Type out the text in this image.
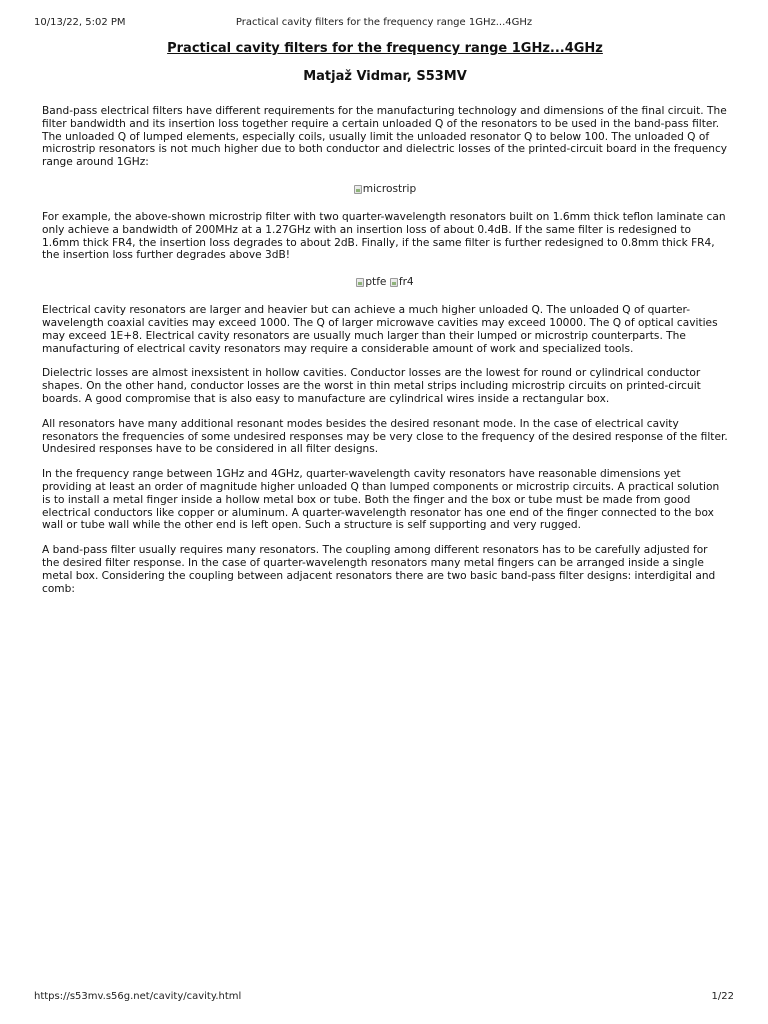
10/13/22, 5:02 PM	Practical cavity filters for the frequency range 1GHz...4GHz
Practical cavity filters for the frequency range 1GHz...4GHz
Matjaž Vidmar, S53MV

Band-pass electrical filters have different requirements for the manufacturing technology and dimensions of the final circuit. The filter bandwidth and its insertion loss together require a certain unloaded Q of the resonators to be used in the band-pass filter. The unloaded Q of lumped elements, especially coils, usually limit the unloaded resonator Q to below 100. The unloaded Q of microstrip resonators is not much higher due to both conductor and dielectric losses of the printed-circuit board in the frequency range around 1GHz:

microstrip

For example, the above-shown microstrip filter with two quarter-wavelength resonators built on 1.6mm thick teflon laminate can only achieve a bandwidth of 200MHz at a 1.27GHz with an insertion loss of about 0.4dB. If the same filter is redesigned to 1.6mm thick FR4, the insertion loss degrades to about 2dB. Finally, if the same filter is further redesigned to 0.8mm thick FR4, the insertion loss further degrades above 3dB!

ptfe
fr4

Electrical cavity resonators are larger and heavier but can achieve a much higher unloaded Q. The unloaded Q of quarter-wavelength coaxial cavities may exceed 1000. The Q of larger microwave cavities may exceed 10000. The Q of optical cavities may exceed 1E+8. Electrical cavity resonators are usually much larger than their lumped or microstrip counterparts. The manufacturing of electrical cavity resonators may require a considerable amount of work and specialized tools.

Dielectric losses are almost inexsistent in hollow cavities. Conductor losses are the lowest for round or cylindrical conductor shapes. On the other hand, conductor losses are the worst in thin metal strips including microstrip circuits on printed-circuit boards. A good compromise that is also easy to manufacture are cylindrical wires inside a rectangular box.

All resonators have many additional resonant modes besides the desired resonant mode. In the case of electrical cavity resonators the frequencies of some undesired responses may be very close to the frequency of the desired response of the filter. Undesired responses have to be considered in all filter designs.

In the frequency range between 1GHz and 4GHz, quarter-wavelength cavity resonators have reasonable dimensions yet providing at least an order of magnitude higher unloaded Q than lumped components or microstrip circuits. A practical solution is to install a metal finger inside a hollow metal box or tube. Both the finger and the box or tube must be made from good electrical conductors like copper or aluminum. A quarter-wavelength resonator has one end of the finger connected to the box wall or tube wall while the other end is left open. Such a structure is self supporting and very rugged.

A band-pass filter usually requires many resonators. The coupling among different resonators has to be carefully adjusted for the desired filter response. In the case of quarter-wavelength resonators many metal fingers can be arranged inside a single metal box. Considering the coupling between adjacent resonators there are two basic band-pass filter designs: interdigital and comb:

https://s53mv.s56g.net/cavity/cavity.html	1/22
